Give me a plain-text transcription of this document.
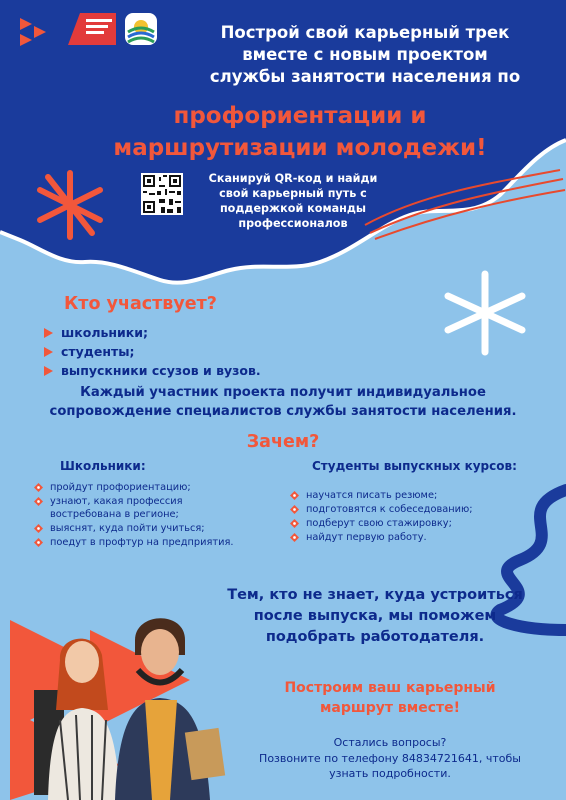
Построй свой карьерный трек
вместе с новым проектом
службы занятости населения по
профориентации и
маршрутизации молодежи!
Сканируй QR-код и найди
свой карьерный путь с
поддержкой команды
профессионалов
Кто участвует?
школьники;
студенты;
выпускники ссузов и вузов.
Каждый участник проекта получит индивидуальное
сопровождение специалистов службы занятости населения.
Зачем?
Школьники:
пройдут профориентацию;
узнают, какая профессия востребована в регионе;
выяснят, куда пойти учиться;
поедут в профтур на предприятия.
Студенты выпускных курсов:
научатся писать резюме;
подготовятся к собеседованию;
подберут свою стажировку;
найдут первую работу.
Тем, кто не знает, куда устроиться
после выпуска, мы поможем
подобрать работодателя.
Построим ваш карьерный
маршрут вместе!
Остались вопросы?
Позвоните по телефону 84834721641, чтобы
узнать подробности.
